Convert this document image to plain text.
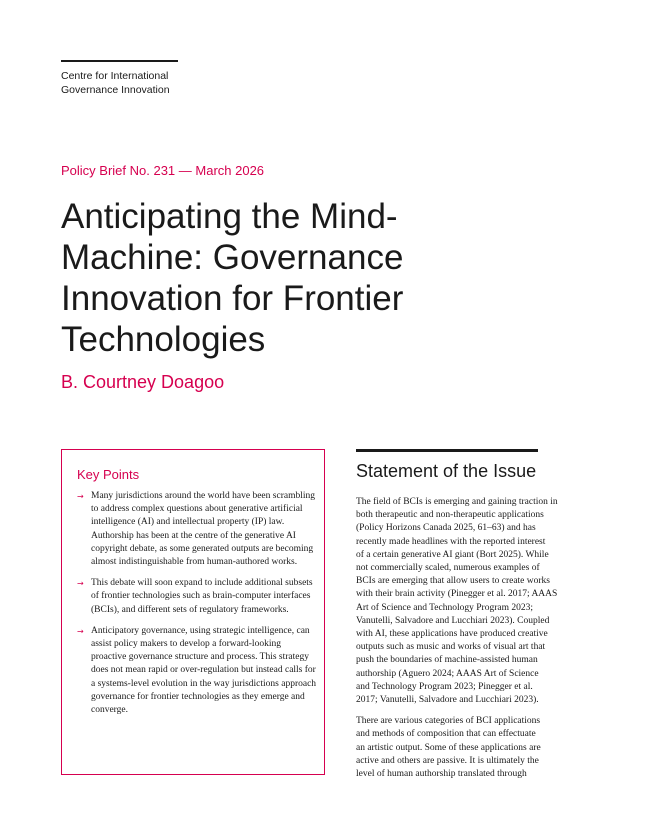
Centre for International
Governance Innovation
Policy Brief No. 231 — March 2026
Anticipating the Mind-
Machine: Governance
Innovation for Frontier
Technologies
B. Courtney Doagoo
Key Points
→ Many jurisdictions around the world have been scrambling to address complex questions about generative artificial intelligence (AI) and intellectual property (IP) law. Authorship has been at the centre of the generative AI copyright debate, as some generated outputs are becoming almost indistinguishable from human-authored works.
→ This debate will soon expand to include additional subsets of frontier technologies such as brain-computer interfaces (BCIs), and different sets of regulatory frameworks.
→ Anticipatory governance, using strategic intelligence, can assist policy makers to develop a forward-looking proactive governance structure and process. This strategy does not mean rapid or over-regulation but instead calls for a systems-level evolution in the way jurisdictions approach governance for frontier technologies as they emerge and converge.
Statement of the Issue

The field of BCIs is emerging and gaining traction in
both therapeutic and non-therapeutic applications
(Policy Horizons Canada 2025, 61–63) and has
recently made headlines with the reported interest
of a certain generative AI giant (Bort 2025). While
not commercially scaled, numerous examples of
BCIs are emerging that allow users to create works
with their brain activity (Pinegger et al. 2017; AAAS
Art of Science and Technology Program 2023;
Vanutelli, Salvadore and Lucchiari 2023). Coupled
with AI, these applications have produced creative
outputs such as music and works of visual art that
push the boundaries of machine-assisted human
authorship (Aguero 2024; AAAS Art of Science
and Technology Program 2023; Pinegger et al.
2017; Vanutelli, Salvadore and Lucchiari 2023).

There are various categories of BCI applications
and methods of composition that can effectuate
an artistic output. Some of these applications are
active and others are passive. It is ultimately the
level of human authorship translated through
